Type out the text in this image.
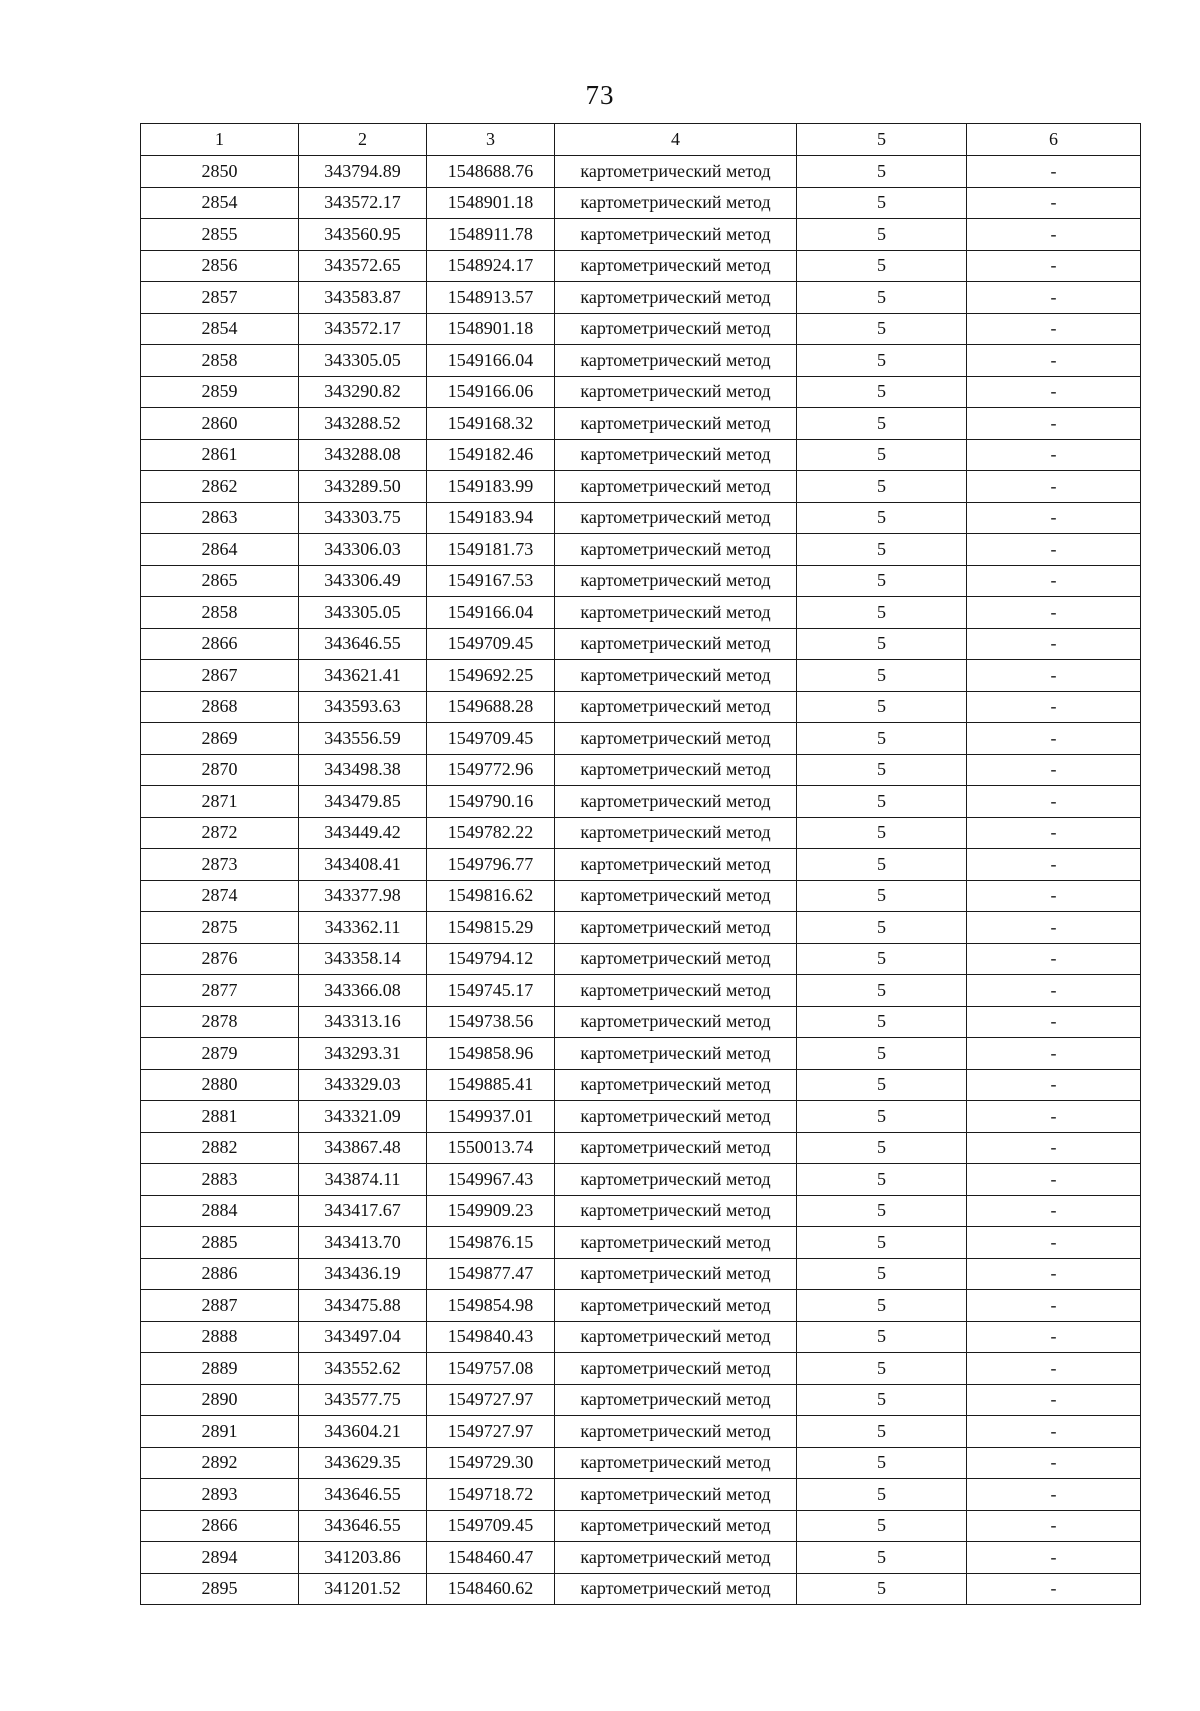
73
1	2	3	4	5	6
2850	343794.89	1548688.76	картометрический метод	5	-
2854	343572.17	1548901.18	картометрический метод	5	-
2855	343560.95	1548911.78	картометрический метод	5	-
2856	343572.65	1548924.17	картометрический метод	5	-
2857	343583.87	1548913.57	картометрический метод	5	-
2854	343572.17	1548901.18	картометрический метод	5	-
2858	343305.05	1549166.04	картометрический метод	5	-
2859	343290.82	1549166.06	картометрический метод	5	-
2860	343288.52	1549168.32	картометрический метод	5	-
2861	343288.08	1549182.46	картометрический метод	5	-
2862	343289.50	1549183.99	картометрический метод	5	-
2863	343303.75	1549183.94	картометрический метод	5	-
2864	343306.03	1549181.73	картометрический метод	5	-
2865	343306.49	1549167.53	картометрический метод	5	-
2858	343305.05	1549166.04	картометрический метод	5	-
2866	343646.55	1549709.45	картометрический метод	5	-
2867	343621.41	1549692.25	картометрический метод	5	-
2868	343593.63	1549688.28	картометрический метод	5	-
2869	343556.59	1549709.45	картометрический метод	5	-
2870	343498.38	1549772.96	картометрический метод	5	-
2871	343479.85	1549790.16	картометрический метод	5	-
2872	343449.42	1549782.22	картометрический метод	5	-
2873	343408.41	1549796.77	картометрический метод	5	-
2874	343377.98	1549816.62	картометрический метод	5	-
2875	343362.11	1549815.29	картометрический метод	5	-
2876	343358.14	1549794.12	картометрический метод	5	-
2877	343366.08	1549745.17	картометрический метод	5	-
2878	343313.16	1549738.56	картометрический метод	5	-
2879	343293.31	1549858.96	картометрический метод	5	-
2880	343329.03	1549885.41	картометрический метод	5	-
2881	343321.09	1549937.01	картометрический метод	5	-
2882	343867.48	1550013.74	картометрический метод	5	-
2883	343874.11	1549967.43	картометрический метод	5	-
2884	343417.67	1549909.23	картометрический метод	5	-
2885	343413.70	1549876.15	картометрический метод	5	-
2886	343436.19	1549877.47	картометрический метод	5	-
2887	343475.88	1549854.98	картометрический метод	5	-
2888	343497.04	1549840.43	картометрический метод	5	-
2889	343552.62	1549757.08	картометрический метод	5	-
2890	343577.75	1549727.97	картометрический метод	5	-
2891	343604.21	1549727.97	картометрический метод	5	-
2892	343629.35	1549729.30	картометрический метод	5	-
2893	343646.55	1549718.72	картометрический метод	5	-
2866	343646.55	1549709.45	картометрический метод	5	-
2894	341203.86	1548460.47	картометрический метод	5	-
2895	341201.52	1548460.62	картометрический метод	5	-
